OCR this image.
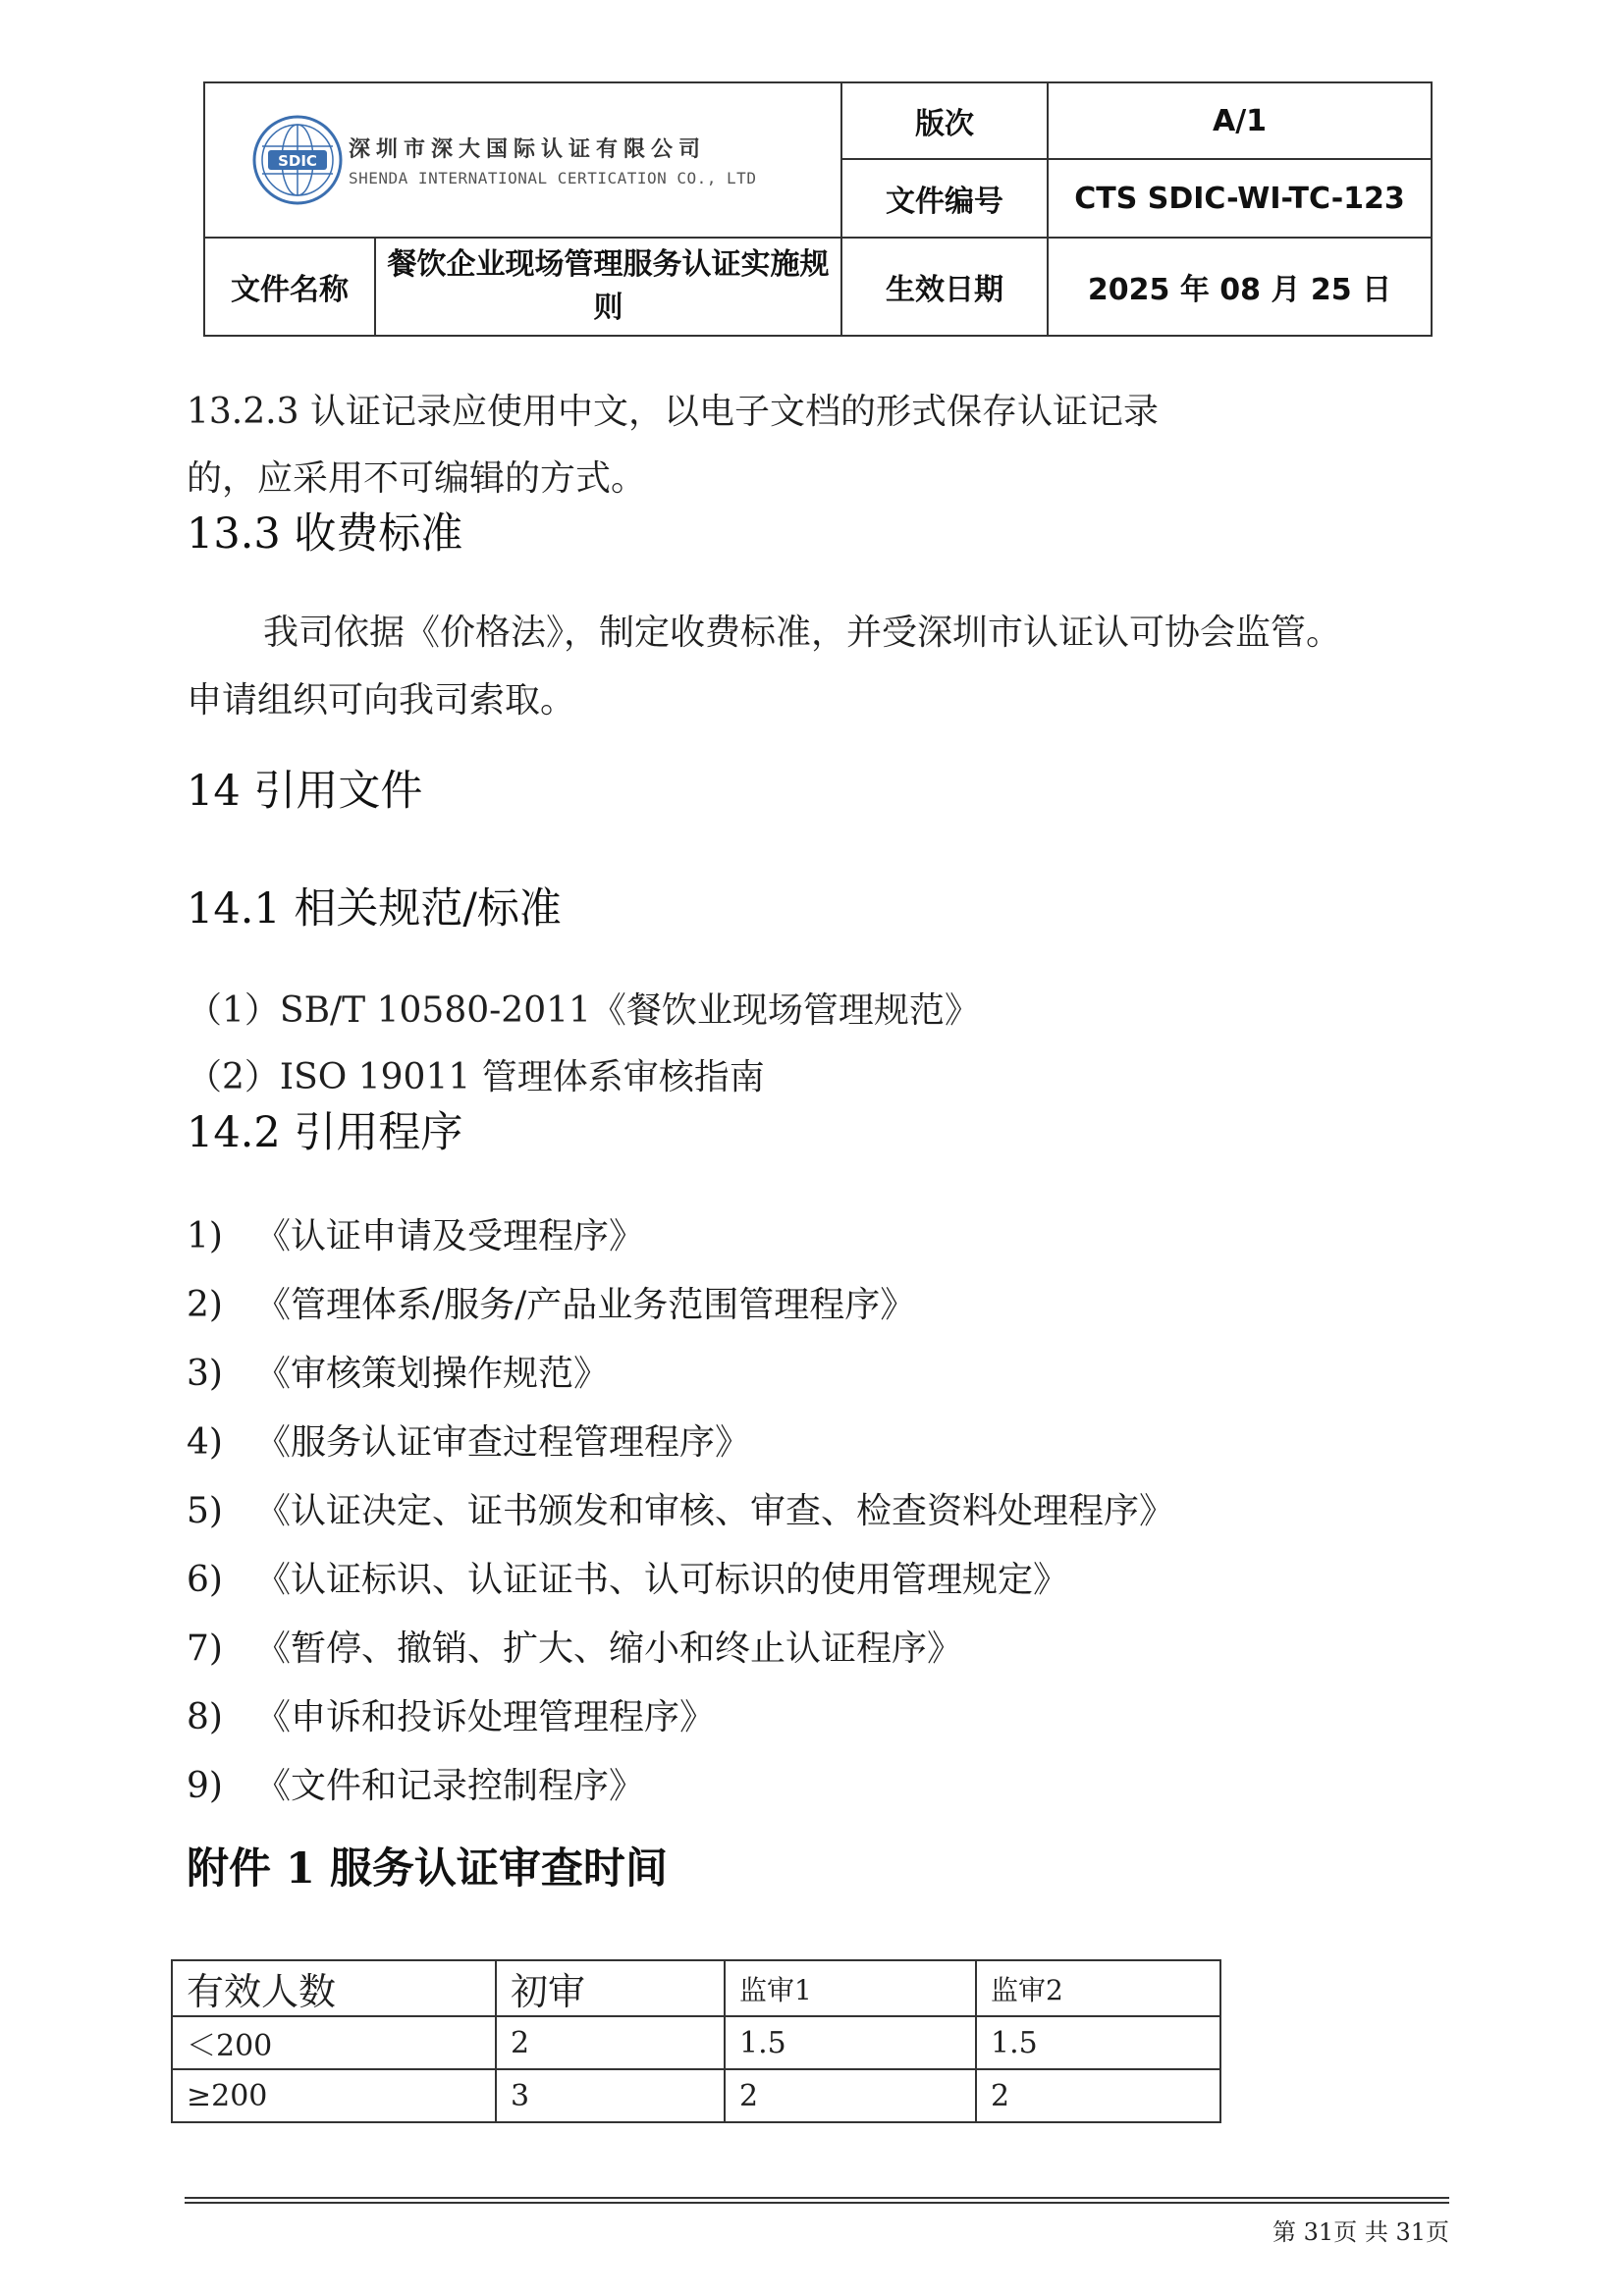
SDIC 深圳市深大国际认证有限公司
SHENDA INTERNATIONAL CERTICATION CO., LTD		版次	A/1
		文件编号	CTS SDIC-WI-TC-123
文件名称	餐饮企业现场管理服务认证实施规则	生效日期	2025 年 08 月 25 日
13.2.3 认证记录应使用中文，以电子文档的形式保存认证记录
的，应采用不可编辑的方式。
13.3 收费标准
我司依据《价格法》，制定收费标准，并受深圳市认证认可协会监管。
申请组织可向我司索取。
14 引用文件
14.1 相关规范/标准
（1）SB/T 10580-2011《餐饮业现场管理规范》
（2）ISO 19011 管理体系审核指南
14.2 引用程序
1) 《认证申请及受理程序》
2) 《管理体系/服务/产品业务范围管理程序》
3) 《审核策划操作规范》
4) 《服务认证审查过程管理程序》
5) 《认证决定、证书颁发和审核、审查、检查资料处理程序》
6) 《认证标识、认证证书、认可标识的使用管理规定》
7) 《暂停、撤销、扩大、缩小和终止认证程序》
8) 《申诉和投诉处理管理程序》
9) 《文件和记录控制程序》
附件 1 服务认证审查时间
有效人数	初审	监审1	监审2
＜200	2	1.5	1.5
≥200	3	2	2
第 31页 共 31页
